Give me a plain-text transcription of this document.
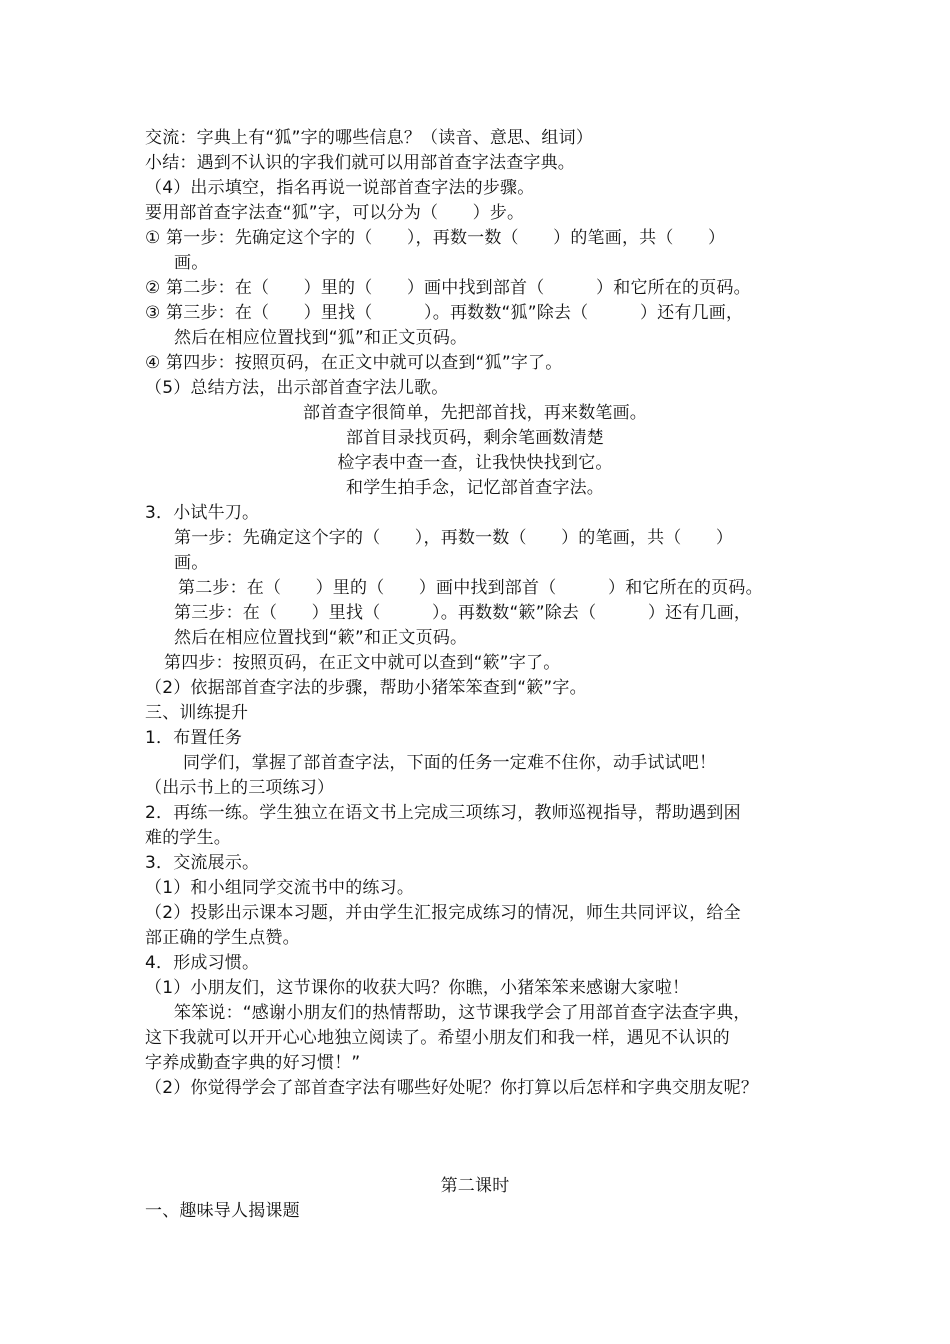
交流：字典上有“狐”字的哪些信息？（读音、意思、组词）
小结：遇到不认识的字我们就可以用部首查字法查字典。
（4）出示填空，指名再说一说部首查字法的步骤。
要用部首查字法查“狐”字，可以分为（　　）步。
① 第一步：先确定这个字的（　　），再数一数（　　）的笔画，共（　　）
画。
② 第二步：在（　　）里的（　　）画中找到部首（　　　）和它所在的页码。
③ 第三步：在（　　）里找（　　　）。再数数“狐”除去（　　　）还有几画，
然后在相应位置找到“狐”和正文页码。
④ 第四步：按照页码，在正文中就可以查到“狐”字了。
（5）总结方法，出示部首查字法儿歌。
部首查字很简单，先把部首找，再来数笔画。
部首目录找页码，剩余笔画数清楚
检字表中查一查，让我快快找到它。
和学生拍手念，记忆部首查字法。
3．小试牛刀。
第一步：先确定这个字的（　　），再数一数（　　）的笔画，共（　　）
画。
第二步：在（　　）里的（　　）画中找到部首（　　　）和它所在的页码。
第三步：在（　　）里找（　　　）。再数数“簌”除去（　　　）还有几画，
然后在相应位置找到“簌”和正文页码。
第四步：按照页码，在正文中就可以查到“簌”字了。
（2）依据部首查字法的步骤，帮助小猪笨笨查到“簌”字。
三、训练提升
1．布置任务
同学们，掌握了部首查字法，下面的任务一定难不住你，动手试试吧！
（出示书上的三项练习）
2．再练一练。学生独立在语文书上完成三项练习，教师巡视指导，帮助遇到困
难的学生。
3．交流展示。
（1）和小组同学交流书中的练习。
（2）投影出示课本习题，并由学生汇报完成练习的情况，师生共同评议，给全
部正确的学生点赞。
4．形成习惯。
（1）小朋友们，这节课你的收获大吗？你瞧，小猪笨笨来感谢大家啦！
笨笨说：“感谢小朋友们的热情帮助，这节课我学会了用部首查字法查字典，
这下我就可以开开心心地独立阅读了。希望小朋友们和我一样，遇见不认识的
字养成勤查字典的好习惯！”
（2）你觉得学会了部首查字法有哪些好处呢？你打算以后怎样和字典交朋友呢？
第二课时
一、趣味导人揭课题
